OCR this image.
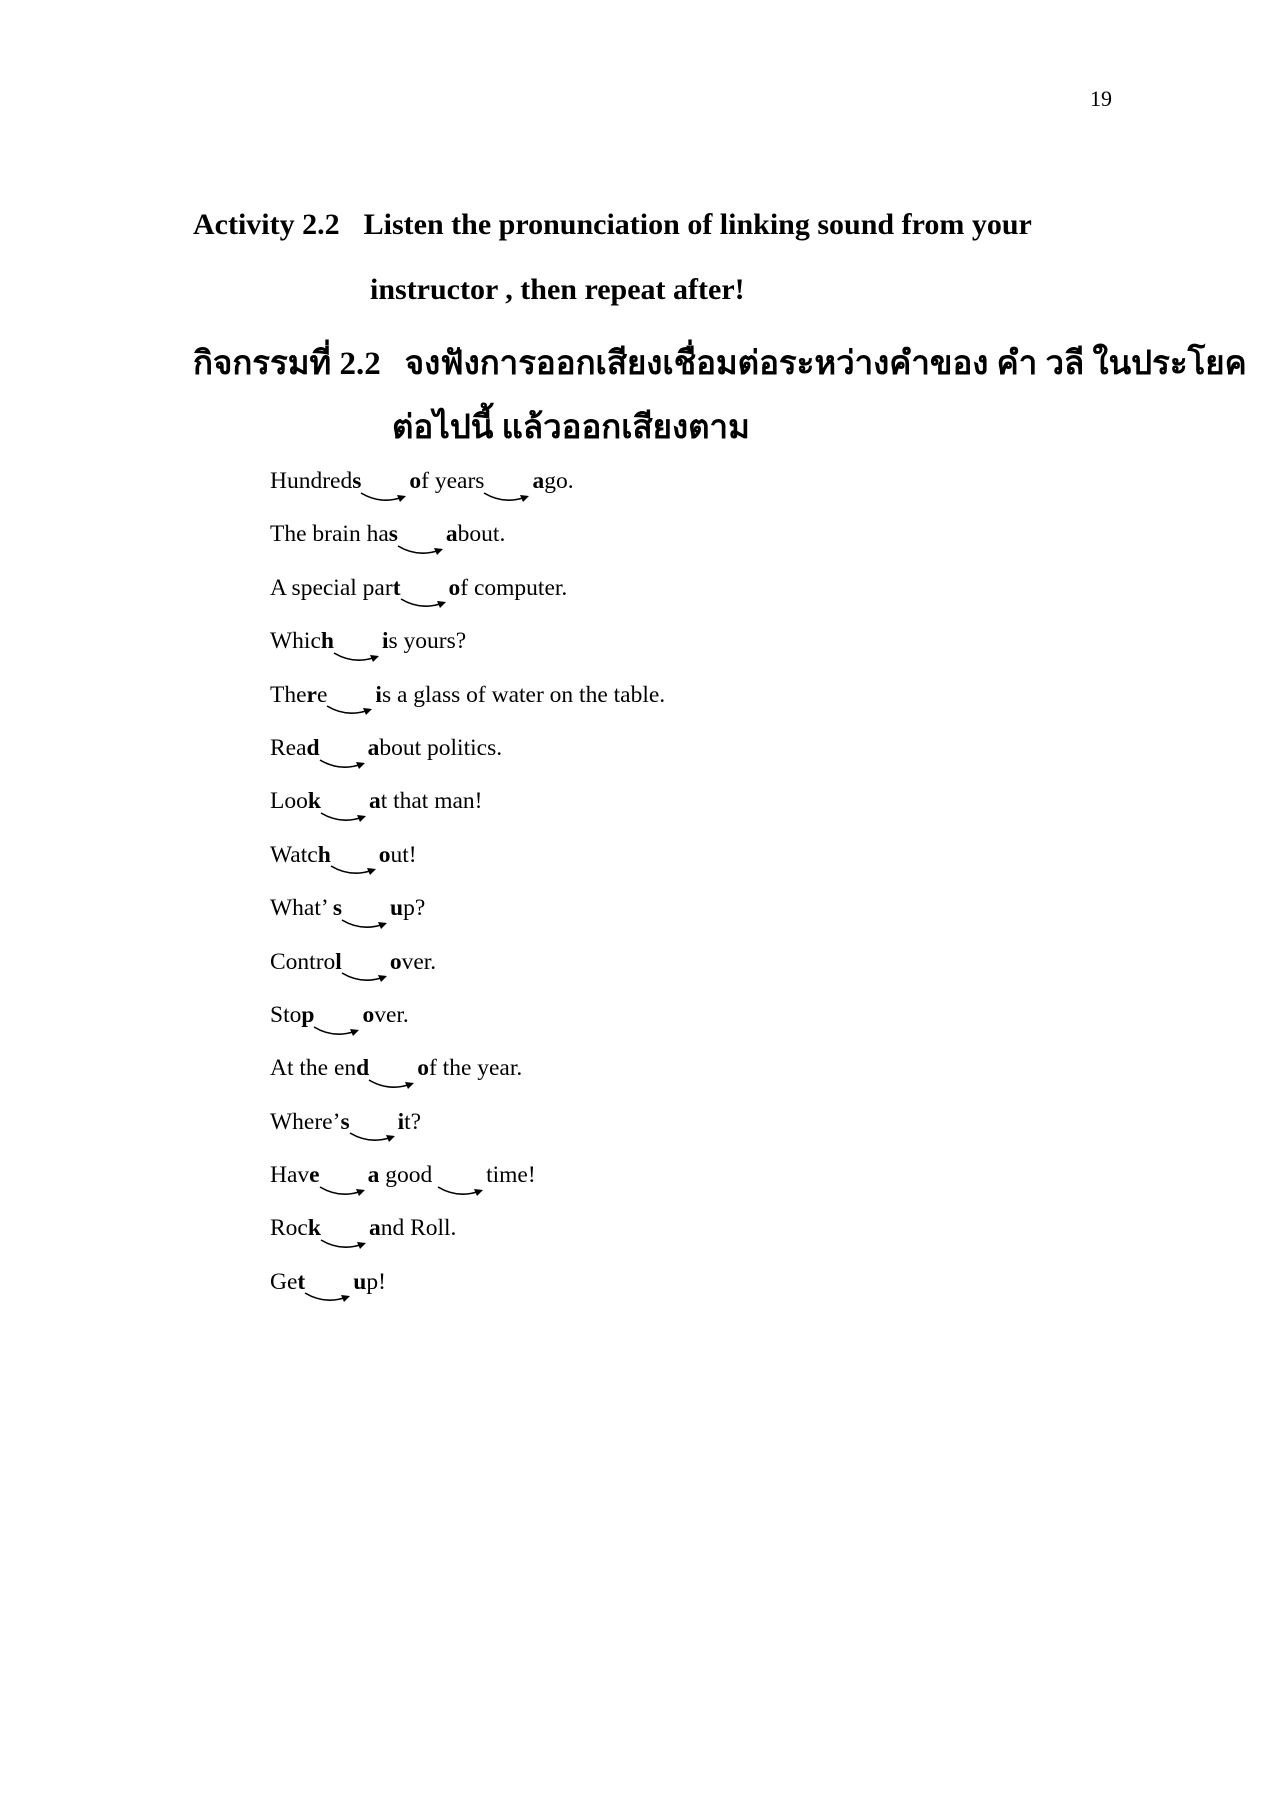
19
Activity 2.2 Listen the pronunciation of linking sound from your
instructor , then repeat after!
กิจกรรมที่ 2.2 จงฟังการออกเสียงเชื่อมต่อระหว่างคำของ คำ วลี ในประโยค
ต่อไปนี้ แล้วออกเสียงตาม
Hundreds of years ago.
The brain has about.
A special part of computer.
Which is yours?
There is a glass of water on the table.
Read about politics.
Look at that man!
Watch out!
What’ s up?
Control over.
Stop over.
At the end of the year.
Where’s it?
Have a good
time!
Rock and Roll.
Get up!
